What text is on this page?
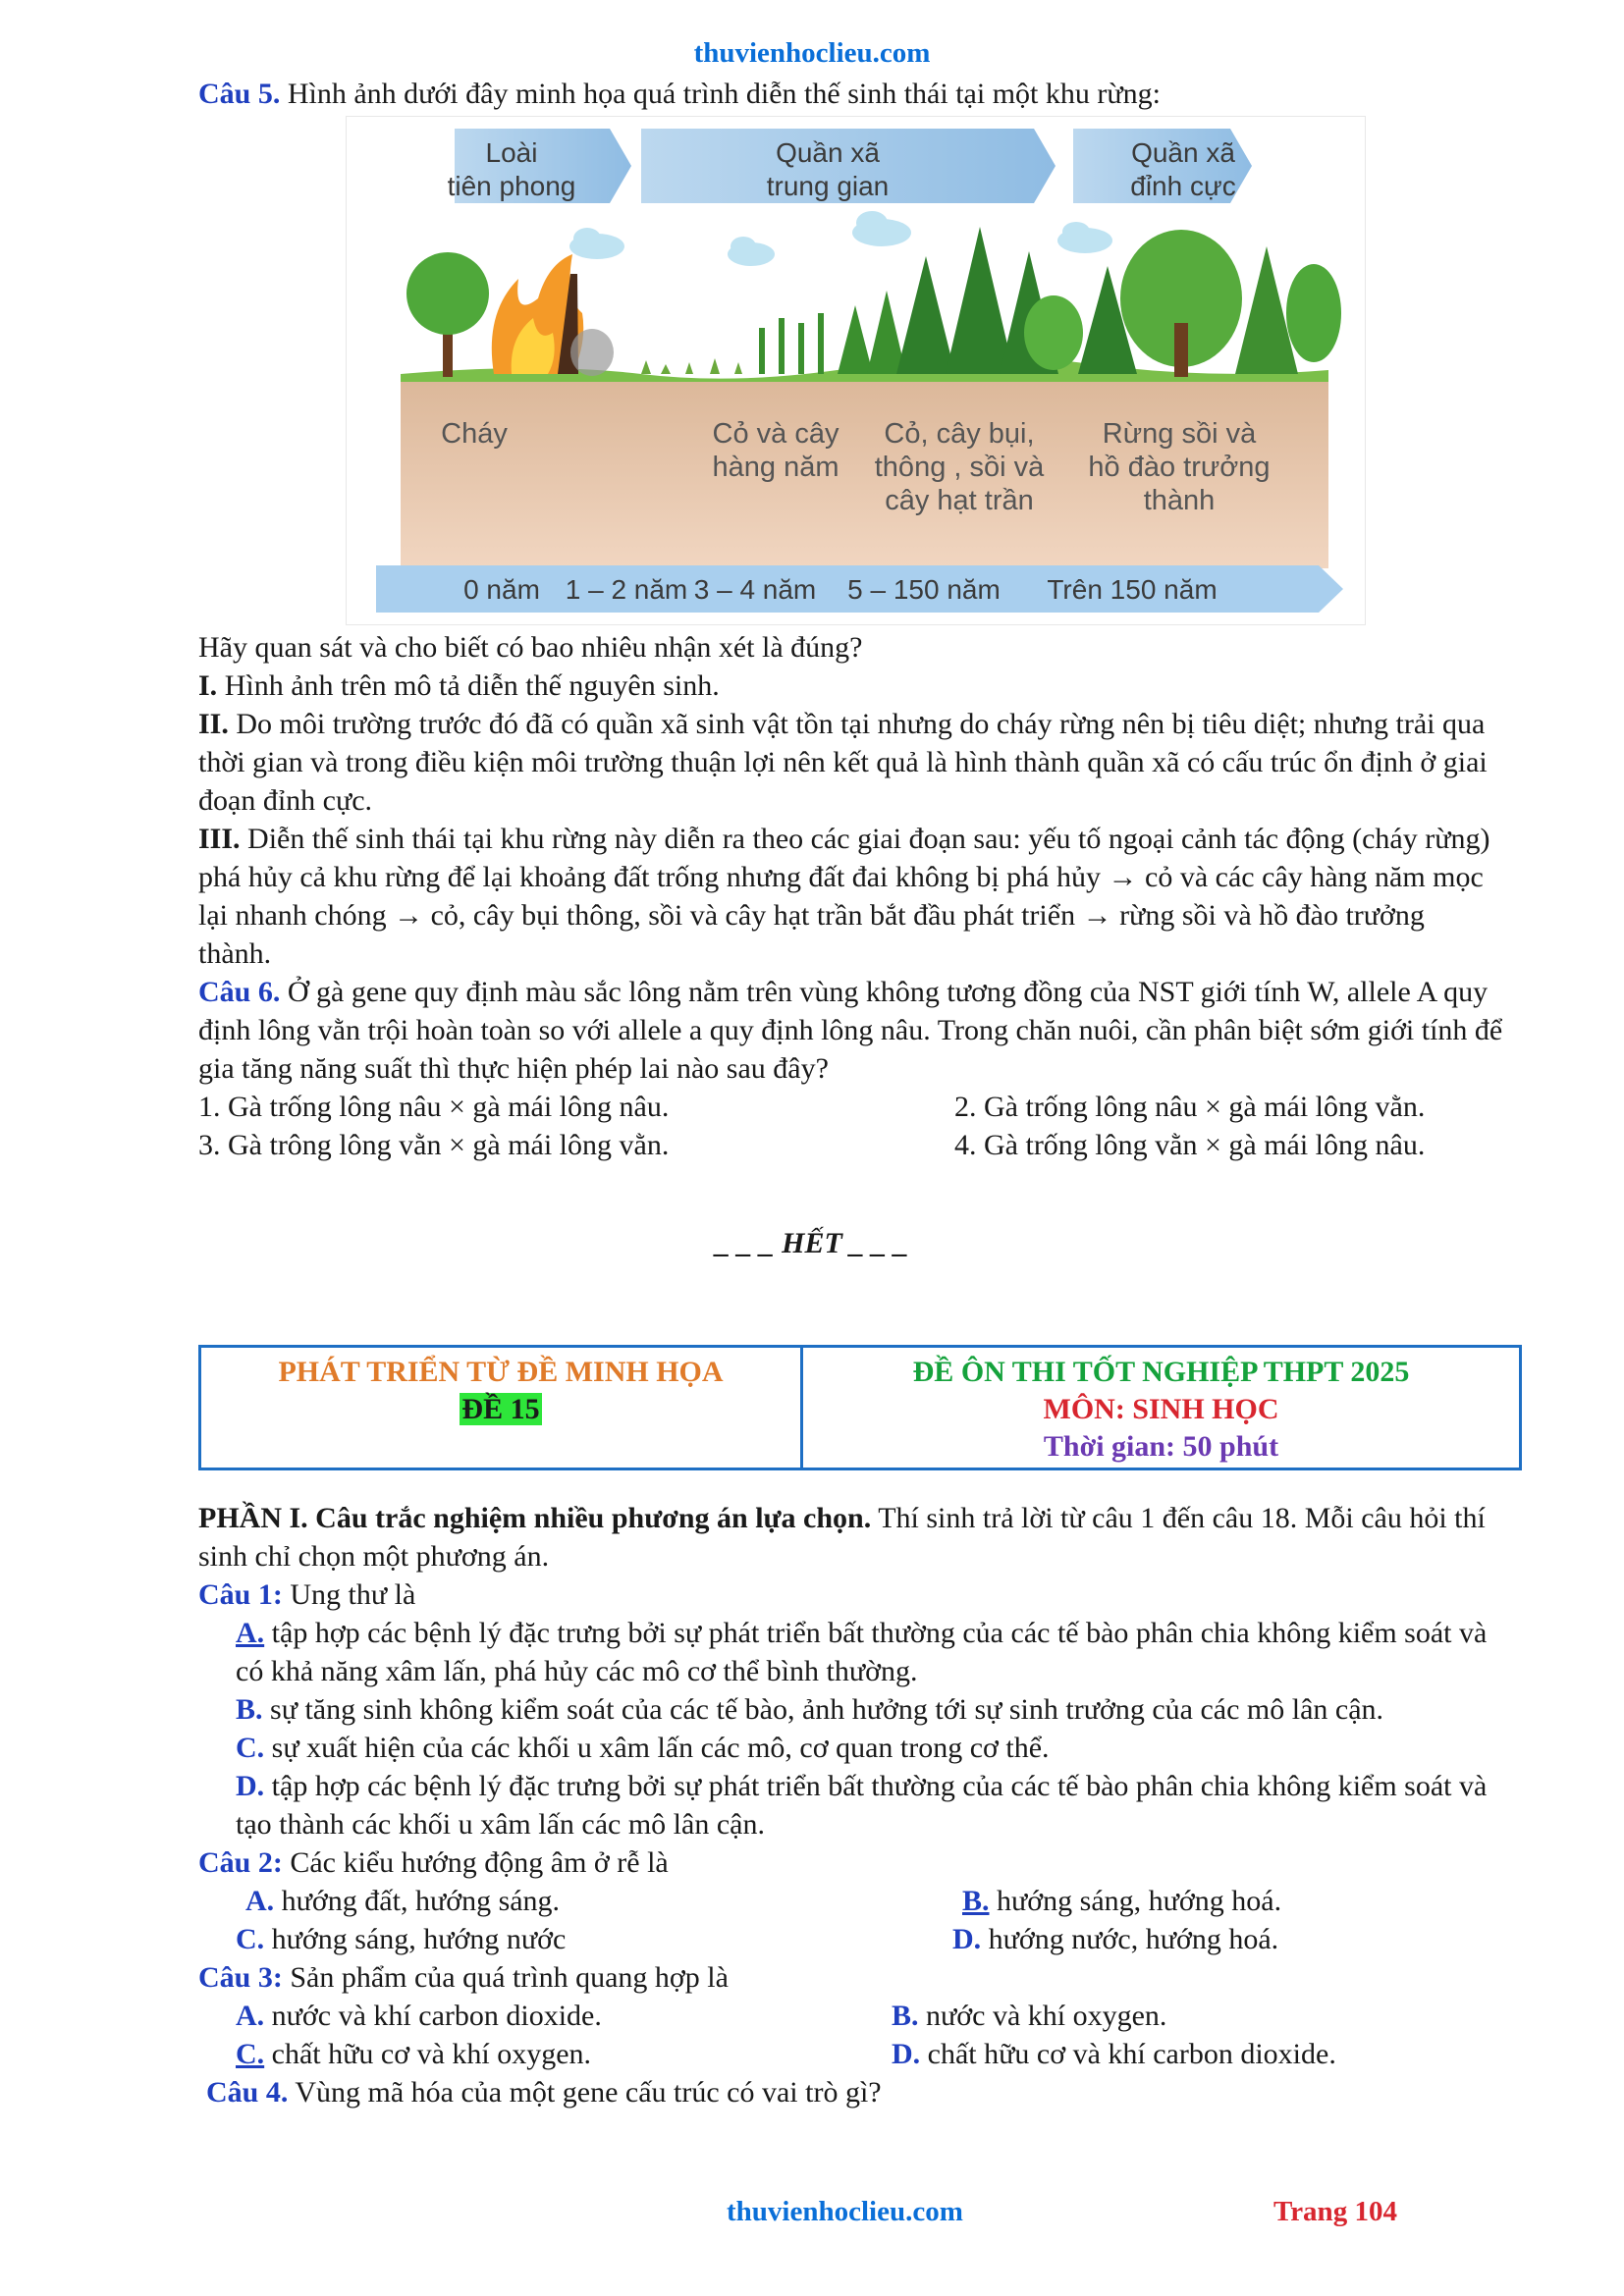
thuvienhoclieu.com
Câu 5. Hình ảnh dưới đây minh họa quá trình diễn thế sinh thái tại một khu rừng:
Loài
tiên phong
Quần xã
trung gian
Quần xã
đỉnh cực
Cháy	Cỏ và cây
hàng năm
Cỏ, cây bụi,
thông , sồi và
cây hạt trần
Rừng sồi và
hồ đào trưởng
thành
0 năm 1 – 2 năm 3 – 4 năm 5 – 150 năm Trên 150 năm
Hãy quan sát và cho biết có bao nhiêu nhận xét là đúng?
I. Hình ảnh trên mô tả diễn thế nguyên sinh.
II. Do môi trường trước đó đã có quần xã sinh vật tồn tại nhưng do cháy rừng nên bị tiêu diệt; nhưng trải qua thời gian và trong điều kiện môi trường thuận lợi nên kết quả là hình thành quần xã có cấu trúc ổn định ở giai đoạn đỉnh cực.
III. Diễn thế sinh thái tại khu rừng này diễn ra theo các giai đoạn sau: yếu tố ngoại cảnh tác động (cháy rừng) phá hủy cả khu rừng để lại khoảng đất trống nhưng đất đai không bị phá hủy → cỏ và các cây hàng năm mọc lại nhanh chóng → cỏ, cây bụi thông, sồi và cây hạt trần bắt đầu phát triển → rừng sồi và hồ đào trưởng thành.
Câu 6. Ở gà gene quy định màu sắc lông nằm trên vùng không tương đồng của NST giới tính W, allele A quy định lông vằn trội hoàn toàn so với allele a quy định lông nâu. Trong chăn nuôi, cần phân biệt sớm giới tính để gia tăng năng suất thì thực hiện phép lai nào sau đây?
1. Gà trống lông nâu × gà mái lông nâu.	2. Gà trống lông nâu × gà mái lông vằn.
3. Gà trông lông vằn × gà mái lông vằn.	4. Gà trống lông vằn × gà mái lông nâu.
_ _ _ HẾT _ _ _
PHÁT TRIỂN TỪ ĐỀ MINH HỌA
ĐỀ 15
ĐỀ ÔN THI TỐT NGHIỆP THPT 2025
MÔN: SINH HỌC
Thời gian: 50 phút
PHẦN I. Câu trắc nghiệm nhiều phương án lựa chọn. Thí sinh trả lời từ câu 1 đến câu 18. Mỗi câu hỏi thí sinh chỉ chọn một phương án.
Câu 1: Ung thư là
A. tập hợp các bệnh lý đặc trưng bởi sự phát triển bất thường của các tế bào phân chia không kiểm soát và có khả năng xâm lấn, phá hủy các mô cơ thể bình thường.
B. sự tăng sinh không kiểm soát của các tế bào, ảnh hưởng tới sự sinh trưởng của các mô lân cận.
C. sự xuất hiện của các khối u xâm lấn các mô, cơ quan trong cơ thể.
D. tập hợp các bệnh lý đặc trưng bởi sự phát triển bất thường của các tế bào phân chia không kiểm soát và tạo thành các khối u xâm lấn các mô lân cận.
Câu 2: Các kiểu hướng động âm ở rễ là
A. hướng đất, hướng sáng.	B. hướng sáng, hướng hoá.
C. hướng sáng, hướng nước	D. hướng nước, hướng hoá.
Câu 3: Sản phẩm của quá trình quang hợp là
A. nước và khí carbon dioxide.	B. nước và khí oxygen.
C. chất hữu cơ và khí oxygen.	D. chất hữu cơ và khí carbon dioxide.
Câu 4. Vùng mã hóa của một gene cấu trúc có vai trò gì?
thuvienhoclieu.com	Trang 104
